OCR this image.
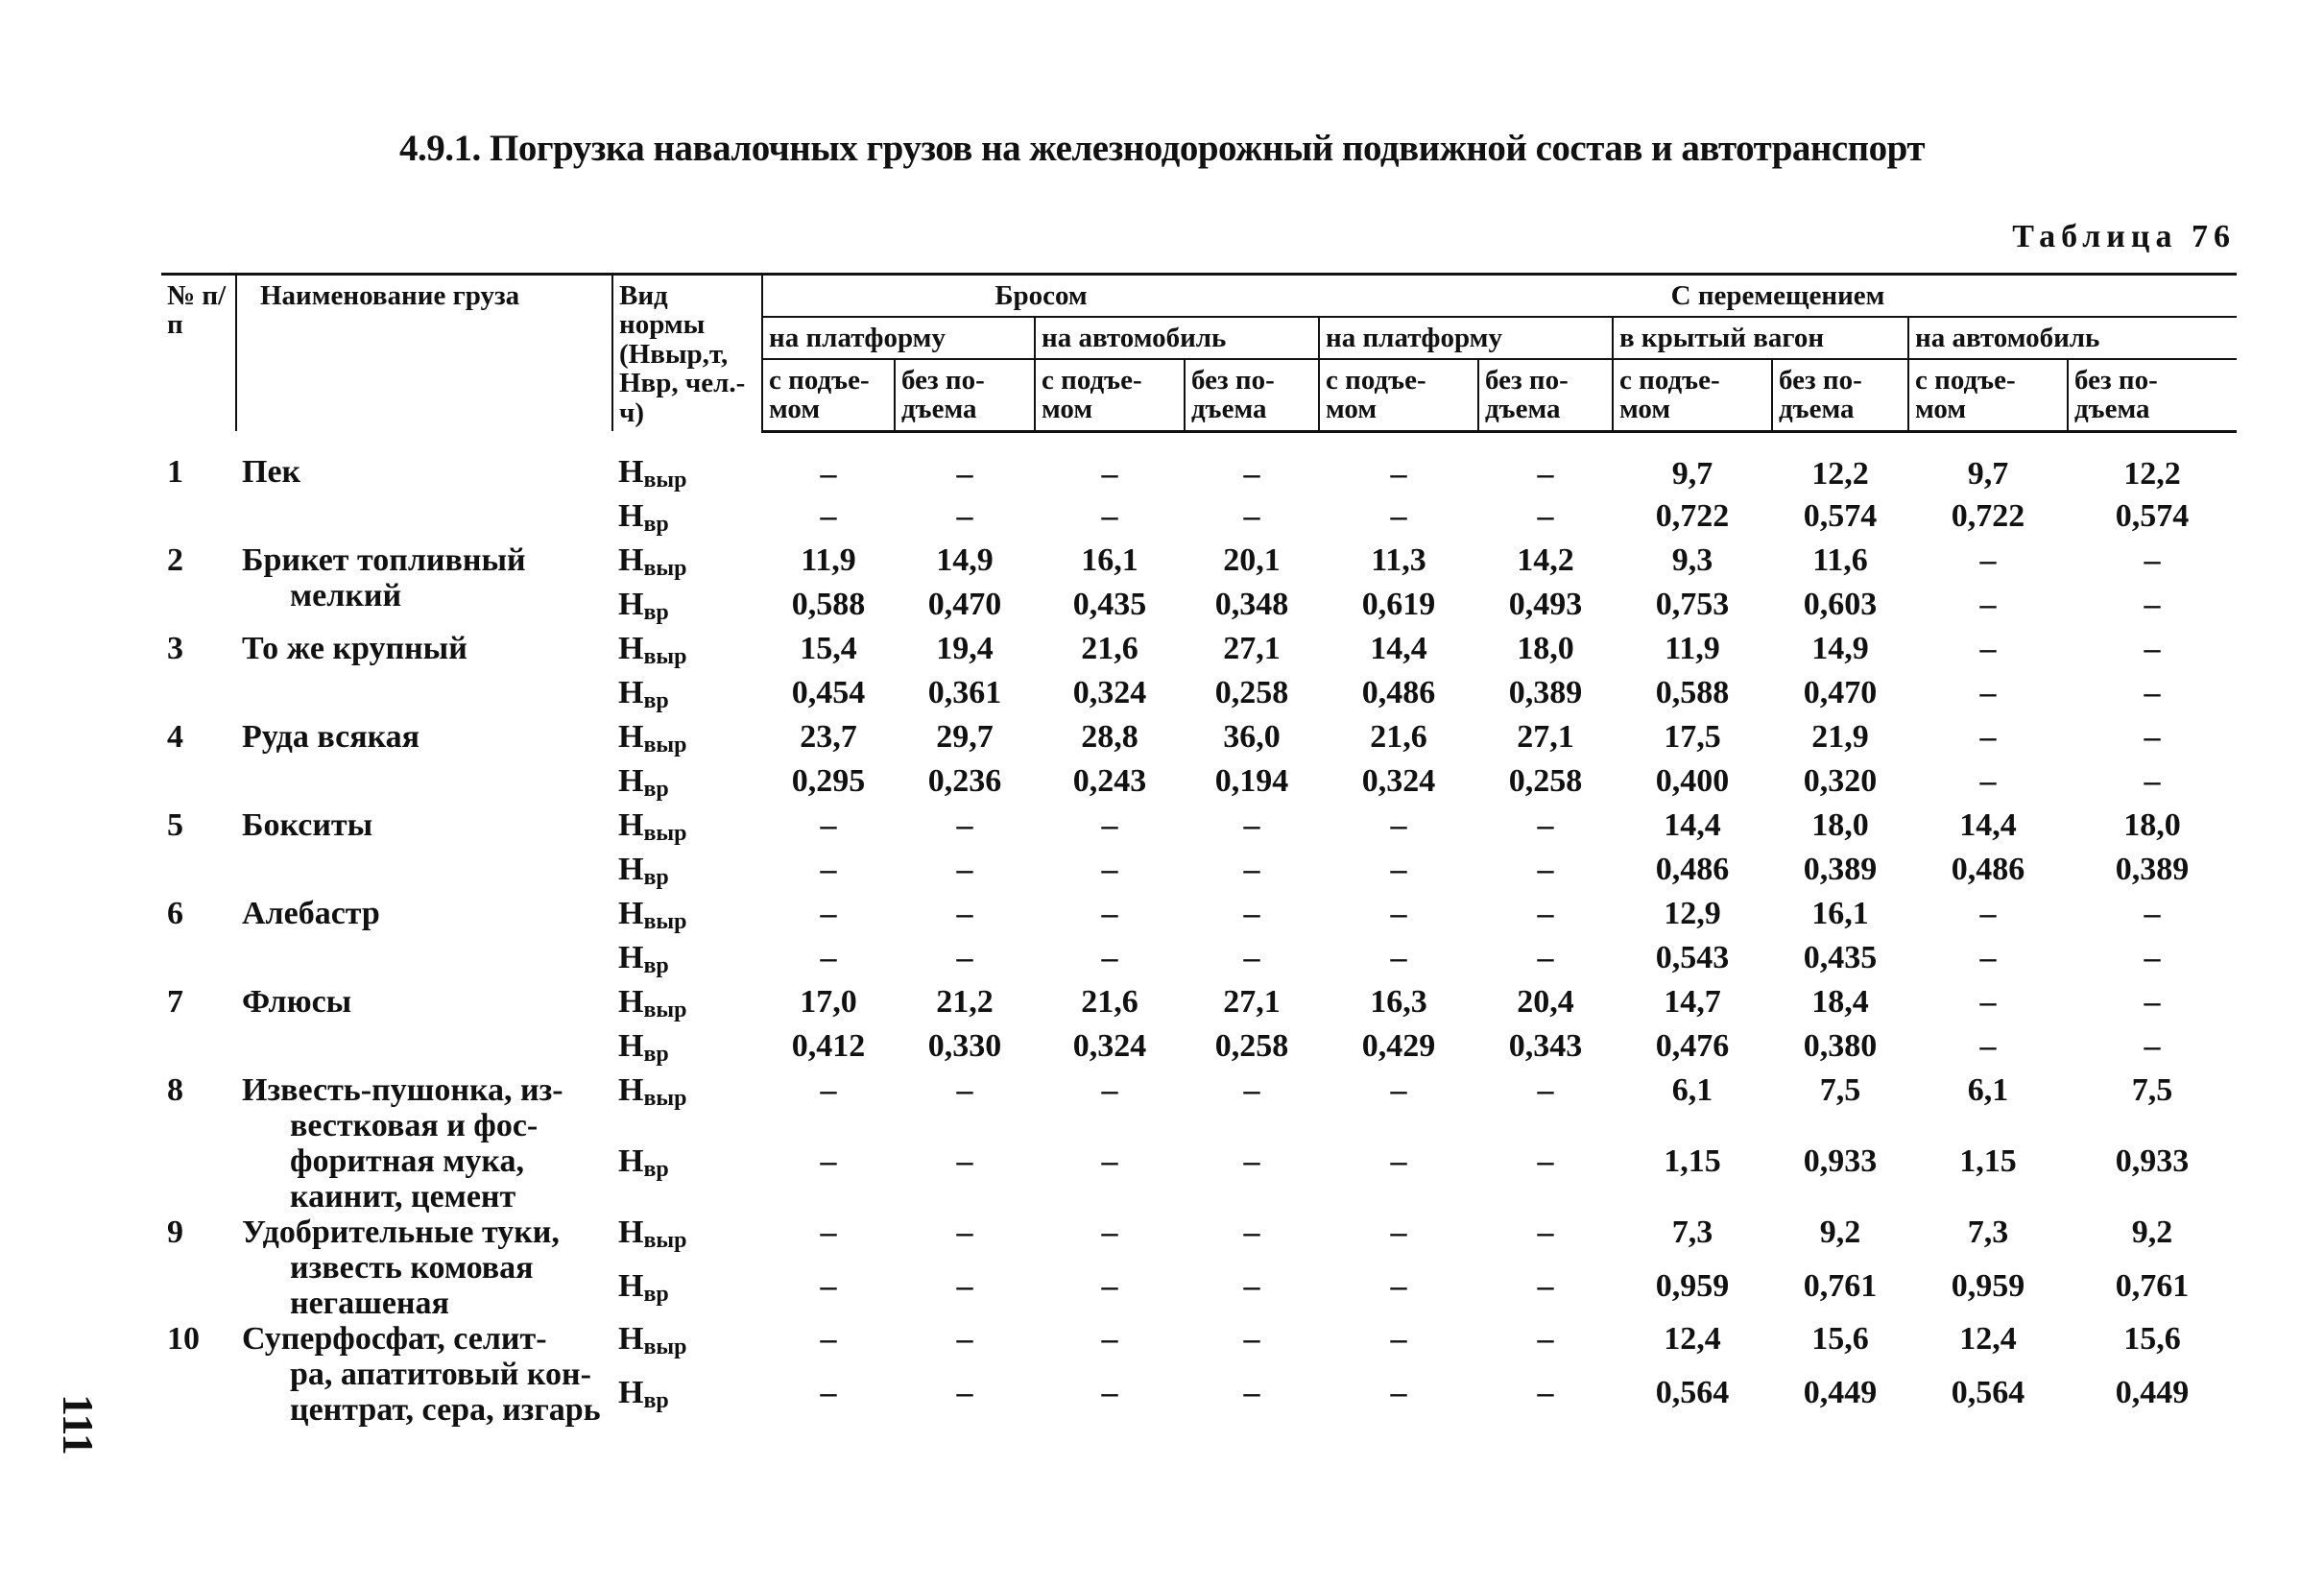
4.9.1. Погрузка навалочных грузов на железнодорожный подвижной состав и автотранспорт
Таблица 76
111
№ п/п	Наименование груза	Вид нормы (Hвыр,т, Hвр, чел.-ч)	Бросом				С перемещением					
			на платформу		на автомобиль		на платформу		в крытый вагон		на автомобиль	
			с подъе- мом	без по- дъема	с подъе- мом	без по- дъема	с подъе- мом	без по- дъема	с подъе- мом	без по- дъема	с подъе- мом	без по- дъема
1	Пек	$H_{выр}$	–	–	–	–	–	–	9,7	12,2	9,7	12,2
		$H_{вр}$	–	–	–	–	–	–	0,722	0,574	0,722	0,574
2	Брикет топливный
мелкий	$H_{выр}$	11,9	14,9	16,1	20,1	11,3	14,2	9,3	11,6	–	–
		$H_{вр}$	0,588	0,470	0,435	0,348	0,619	0,493	0,753	0,603	–	–
3	То же крупный	$H_{выр}$	15,4	19,4	21,6	27,1	14,4	18,0	11,9	14,9	–	–
		$H_{вр}$	0,454	0,361	0,324	0,258	0,486	0,389	0,588	0,470	–	–
4	Руда всякая	$H_{выр}$	23,7	29,7	28,8	36,0	21,6	27,1	17,5	21,9	–	–
		$H_{вр}$	0,295	0,236	0,243	0,194	0,324	0,258	0,400	0,320	–	–
5	Бокситы	$H_{выр}$	–	–	–	–	–	–	14,4	18,0	14,4	18,0
		$H_{вр}$	–	–	–	–	–	–	0,486	0,389	0,486	0,389
6	Алебастр	$H_{выр}$	–	–	–	–	–	–	12,9	16,1	–	–
		$H_{вр}$	–	–	–	–	–	–	0,543	0,435	–	–
7	Флюсы	$H_{выр}$	17,0	21,2	21,6	27,1	16,3	20,4	14,7	18,4	–	–
		$H_{вр}$	0,412	0,330	0,324	0,258	0,429	0,343	0,476	0,380	–	–
8	Известь-пушонка, из-
вестковая и фос-
форитная мука,
каинит, цемент	$H_{выр}$	–	–	–	–	–	–	6,1	7,5	6,1	7,5
		$H_{вр}$	–	–	–	–	–	–	1,15	0,933	1,15	0,933
9	Удобрительные туки,
известь комовая
негашеная	$H_{выр}$	–	–	–	–	–	–	7,3	9,2	7,3	9,2
		$H_{вр}$	–	–	–	–	–	–	0,959	0,761	0,959	0,761
10	Суперфосфат, селит-
ра, апатитовый кон-
центрат, сера, изгарь	$H_{выр}$	–	–	–	–	–	–	12,4	15,6	12,4	15,6
		$H_{вр}$	–	–	–	–	–	–	0,564	0,449	0,564	0,449
